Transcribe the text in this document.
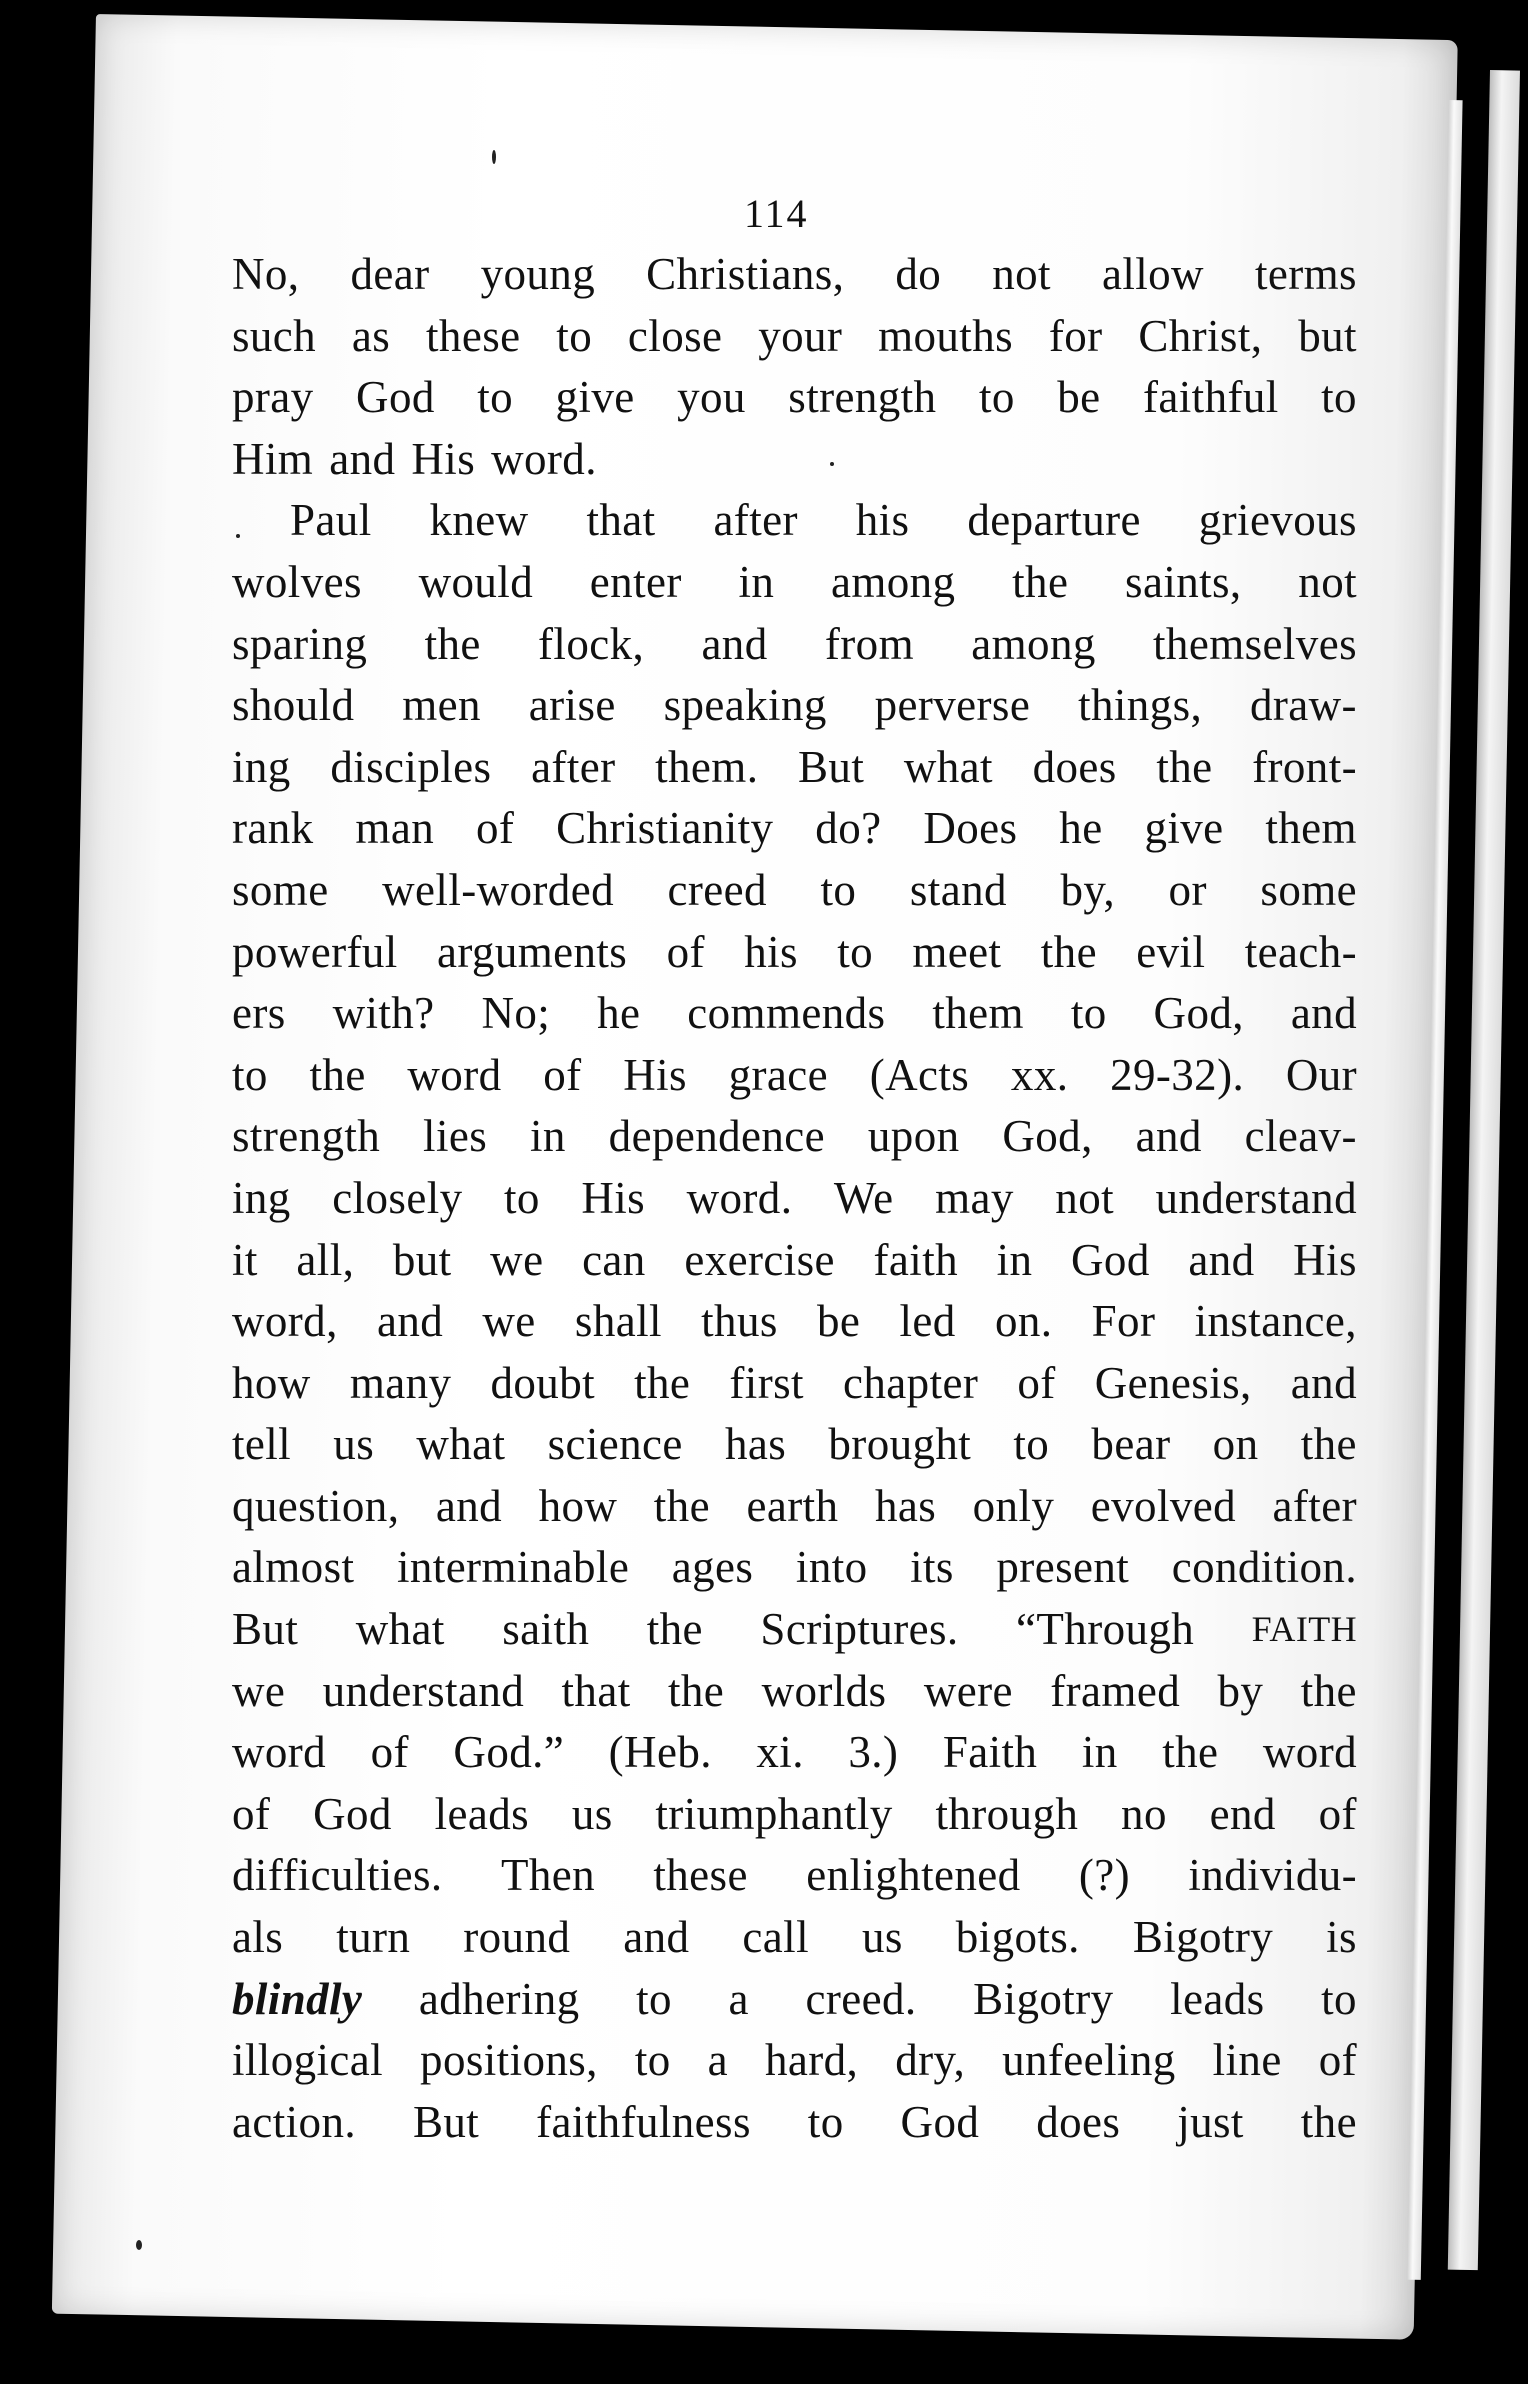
114
No, dear young Christians, do not allow terms
such as these to close your mouths for Christ, but
pray God to give you strength to be faithful to
Him and His word.
Paul knew that after his departure grievous
wolves would enter in among the saints, not
sparing the flock, and from among themselves
should men arise speaking perverse things, draw-
ing disciples after them. But what does the front-
rank man of Christianity do? Does he give them
some well-worded creed to stand by, or some
powerful arguments of his to meet the evil teach-
ers with? No; he commends them to God, and
to the word of His grace (Acts xx. 29-32). Our
strength lies in dependence upon God, and cleav-
ing closely to His word. We may not understand
it all, but we can exercise faith in God and His
word, and we shall thus be led on. For instance,
how many doubt the first chapter of Genesis, and
tell us what science has brought to bear on the
question, and how the earth has only evolved after
almost interminable ages into its present condition.
But what saith the Scriptures. “Through FAITH
we understand that the worlds were framed by the
word of God.” (Heb. xi. 3.) Faith in the word
of God leads us triumphantly through no end of
difficulties. Then these enlightened (?) individu-
als turn round and call us bigots. Bigotry is
blindly adhering to a creed. Bigotry leads to
illogical positions, to a hard, dry, unfeeling line of
action. But faithfulness to God does just the
